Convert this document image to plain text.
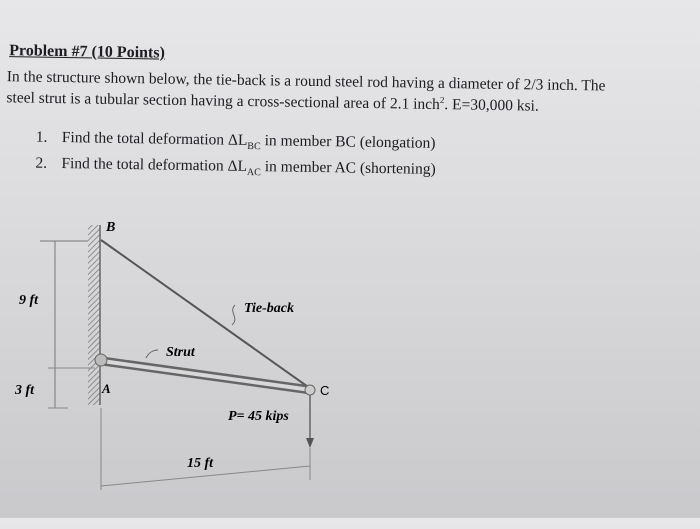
Problem #7 (10 Points)
In the structure shown below, the tie-back is a round steel rod having a diameter of 2/3 inch. The
steel strut is a tubular section having a cross-sectional area of 2.1 inch$^2$. E=30,000 ksi.
1. Find the total deformation $\Delta L_{BC}$ in member BC (elongation)
2. Find the total deformation $\Delta L_{AC}$ in member AC (shortening)
B
A	C
9 ft
3 ft
15 ft
Tie-back
Strut
P= 45 kips
